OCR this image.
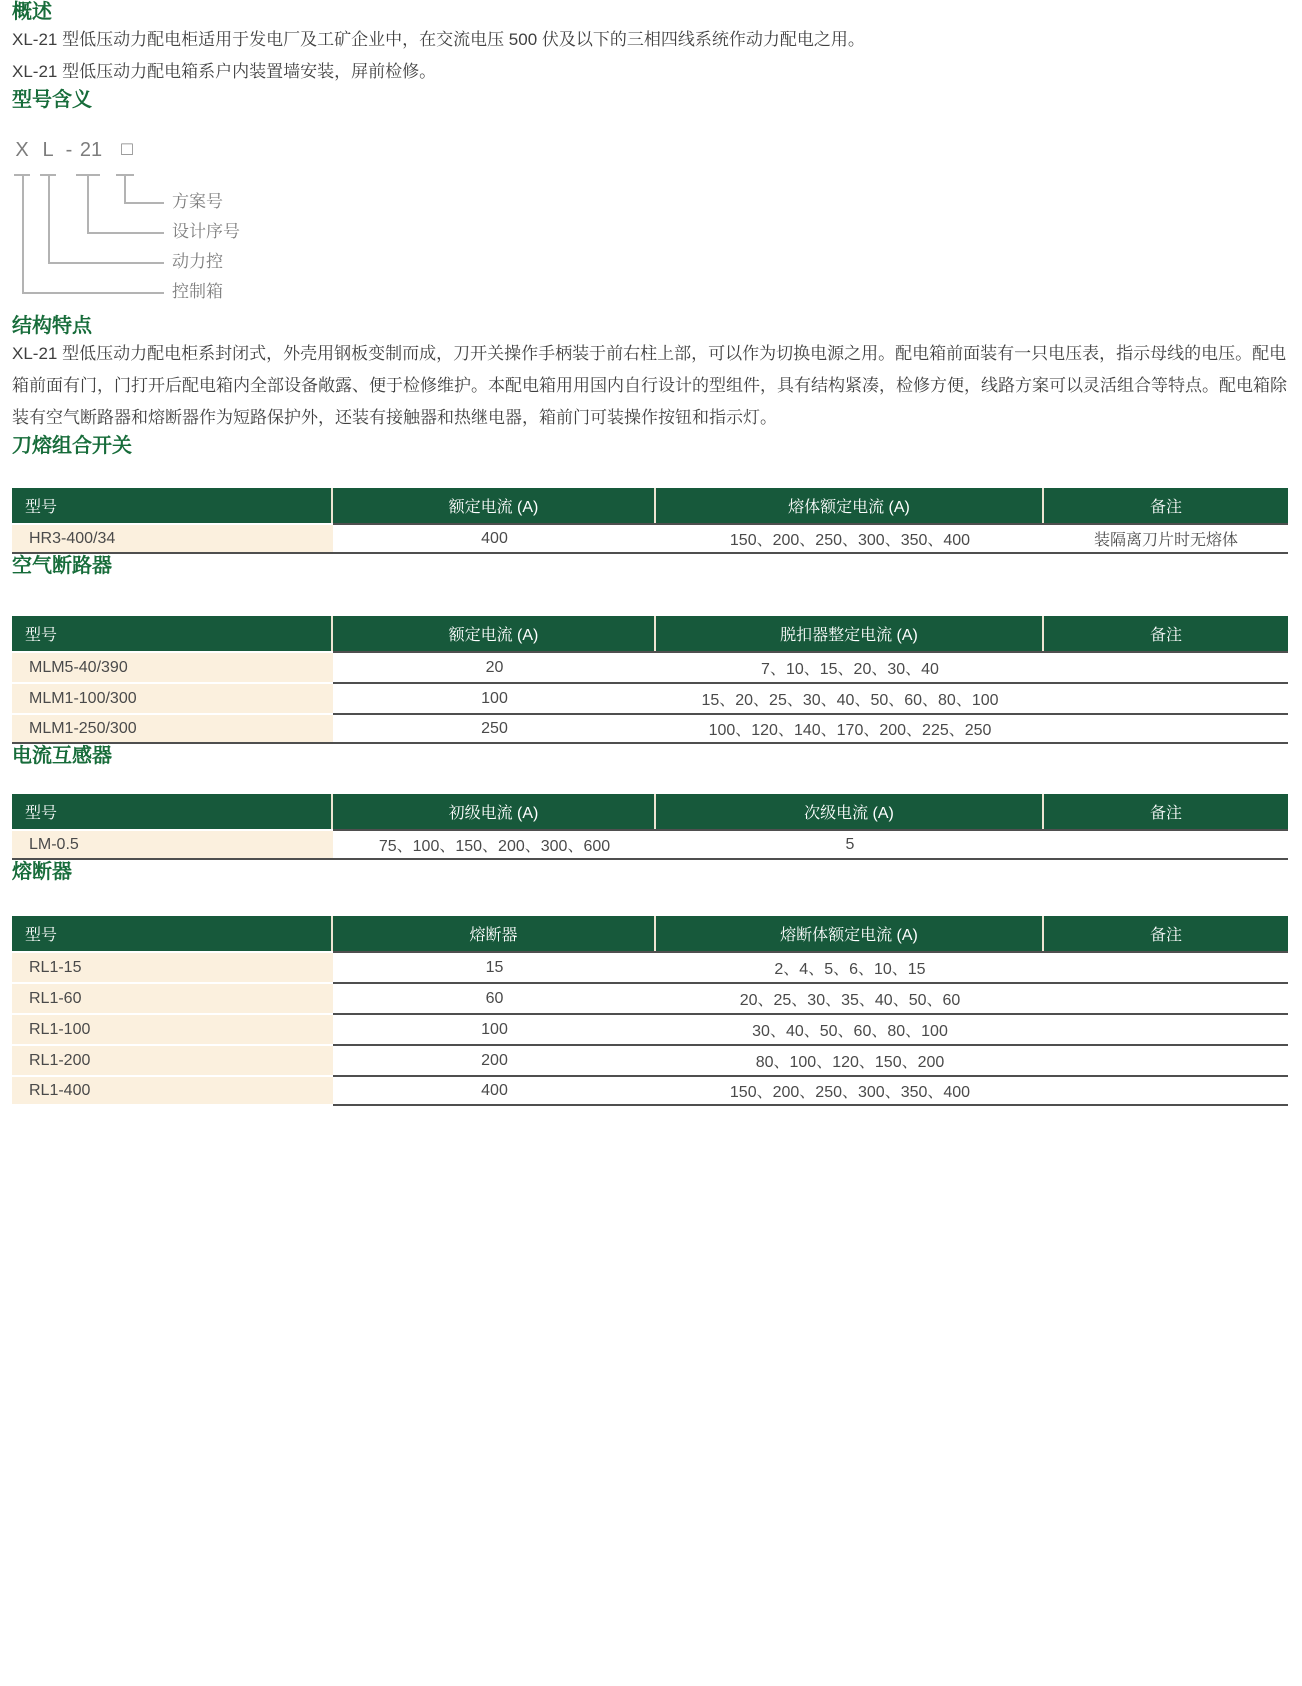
概述

XL-21 型低压动力配电柜适用于发电厂及工矿企业中，在交流电压 500 伏及以下的三相四线系统作动力配电之用。

XL-21 型低压动力配电箱系户内装置墙安装，屏前检修。

型号含义
X L - 21 □
方案号
设计序号
动力控
控制箱
结构特点

XL-21 型低压动力配电柜系封闭式，外壳用钢板变制而成，刀开关操作手柄装于前右柱上部，可以作为切换电源之用。配电箱前面装有一只电压表，指示母线的电压。配电箱前面有门，门打开后配电箱内全部设备敞露、便于检修维护。本配电箱用用国内自行设计的型组件，具有结构紧凑，检修方便，线路方案可以灵活组合等特点。配电箱除装有空气断路器和熔断器作为短路保护外，还装有接触器和热继电器，箱前门可装操作按钮和指示灯。

刀熔组合开关
型号	额定电流 (A)	熔体额定电流 (A)	备注
HR3-400/34	400	150、200、250、300、350、400	装隔离刀片时无熔体
空气断路器
型号	额定电流 (A)	脱扣器整定电流 (A)	备注
MLM5-40/390	20	7、10、15、20、30、40
MLM1-100/300	100	15、20、25、30、40、50、60、80、100
MLM1-250/300	250	100、120、140、170、200、225、250
电流互感器
型号	初级电流 (A)	次级电流 (A)	备注
LM-0.5	75、100、150、200、300、600	5
熔断器
型号	熔断器	熔断体额定电流 (A)	备注
RL1-15	15	2、4、5、6、10、15
RL1-60	60	20、25、30、35、40、50、60
RL1-100	100	30、40、50、60、80、100
RL1-200	200	80、100、120、150、200
RL1-400	400	150、200、250、300、350、400
